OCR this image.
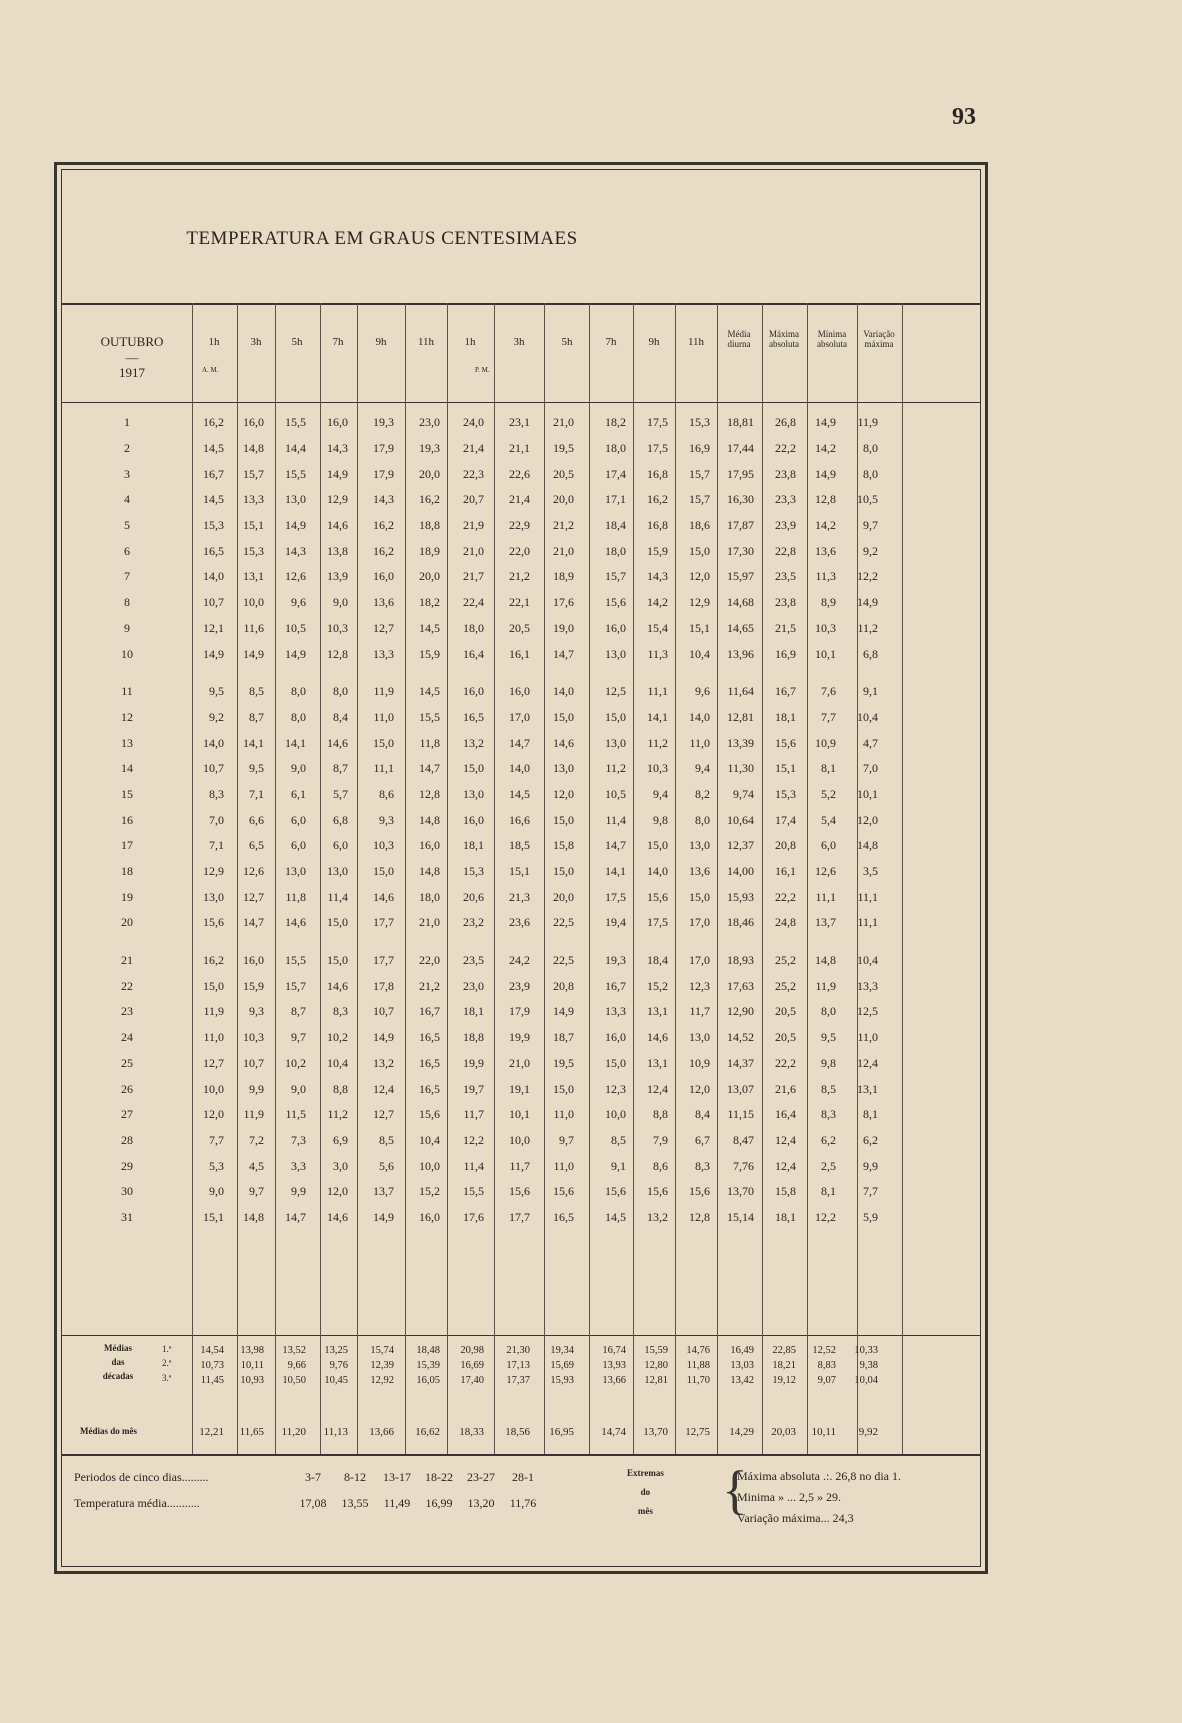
93
TEMPERATURA EM GRAUS CENTESIMAES
OUTUBRO
—
1917
1h	3h	5h	7h	9h	11h	1h	3h	5h	7h	9h	11h
Média diurna
Máxima absoluta
Mínima absoluta
Variação máxima
A. M.	P. M.
1	16,2	16,0	15,5	16,0	19,3	23,0	24,0	23,1	21,0	18,2	17,5	15,3	18,81	26,8	14,9	11,9
2	14,5	14,8	14,4	14,3	17,9	19,3	21,4	21,1	19,5	18,0	17,5	16,9	17,44	22,2	14,2	8,0
3	16,7	15,7	15,5	14,9	17,9	20,0	22,3	22,6	20,5	17,4	16,8	15,7	17,95	23,8	14,9	8,0
4	14,5	13,3	13,0	12,9	14,3	16,2	20,7	21,4	20,0	17,1	16,2	15,7	16,30	23,3	12,8	10,5
5	15,3	15,1	14,9	14,6	16,2	18,8	21,9	22,9	21,2	18,4	16,8	18,6	17,87	23,9	14,2	9,7
6	16,5	15,3	14,3	13,8	16,2	18,9	21,0	22,0	21,0	18,0	15,9	15,0	17,30	22,8	13,6	9,2
7	14,0	13,1	12,6	13,9	16,0	20,0	21,7	21,2	18,9	15,7	14,3	12,0	15,97	23,5	11,3	12,2
8	10,7	10,0	9,6	9,0	13,6	18,2	22,4	22,1	17,6	15,6	14,2	12,9	14,68	23,8	8,9	14,9
9	12,1	11,6	10,5	10,3	12,7	14,5	18,0	20,5	19,0	16,0	15,4	15,1	14,65	21,5	10,3	11,2
10	14,9	14,9	14,9	12,8	13,3	15,9	16,4	16,1	14,7	13,0	11,3	10,4	13,96	16,9	10,1	6,8

11	9,5	8,5	8,0	8,0	11,9	14,5	16,0	16,0	14,0	12,5	11,1	9,6	11,64	16,7	7,6	9,1
12	9,2	8,7	8,0	8,4	11,0	15,5	16,5	17,0	15,0	15,0	14,1	14,0	12,81	18,1	7,7	10,4
13	14,0	14,1	14,1	14,6	15,0	11,8	13,2	14,7	14,6	13,0	11,2	11,0	13,39	15,6	10,9	4,7
14	10,7	9,5	9,0	8,7	11,1	14,7	15,0	14,0	13,0	11,2	10,3	9,4	11,30	15,1	8,1	7,0
15	8,3	7,1	6,1	5,7	8,6	12,8	13,0	14,5	12,0	10,5	9,4	8,2	9,74	15,3	5,2	10,1
16	7,0	6,6	6,0	6,8	9,3	14,8	16,0	16,6	15,0	11,4	9,8	8,0	10,64	17,4	5,4	12,0
17	7,1	6,5	6,0	6,0	10,3	16,0	18,1	18,5	15,8	14,7	15,0	13,0	12,37	20,8	6,0	14,8
18	12,9	12,6	13,0	13,0	15,0	14,8	15,3	15,1	15,0	14,1	14,0	13,6	14,00	16,1	12,6	3,5
19	13,0	12,7	11,8	11,4	14,6	18,0	20,6	21,3	20,0	17,5	15,6	15,0	15,93	22,2	11,1	11,1
20	15,6	14,7	14,6	15,0	17,7	21,0	23,2	23,6	22,5	19,4	17,5	17,0	18,46	24,8	13,7	11,1

21	16,2	16,0	15,5	15,0	17,7	22,0	23,5	24,2	22,5	19,3	18,4	17,0	18,93	25,2	14,8	10,4
22	15,0	15,9	15,7	14,6	17,8	21,2	23,0	23,9	20,8	16,7	15,2	12,3	17,63	25,2	11,9	13,3
23	11,9	9,3	8,7	8,3	10,7	16,7	18,1	17,9	14,9	13,3	13,1	11,7	12,90	20,5	8,0	12,5
24	11,0	10,3	9,7	10,2	14,9	16,5	18,8	19,9	18,7	16,0	14,6	13,0	14,52	20,5	9,5	11,0
25	12,7	10,7	10,2	10,4	13,2	16,5	19,9	21,0	19,5	15,0	13,1	10,9	14,37	22,2	9,8	12,4
26	10,0	9,9	9,0	8,8	12,4	16,5	19,7	19,1	15,0	12,3	12,4	12,0	13,07	21,6	8,5	13,1
27	12,0	11,9	11,5	11,2	12,7	15,6	11,7	10,1	11,0	10,0	8,8	8,4	11,15	16,4	8,3	8,1
28	7,7	7,2	7,3	6,9	8,5	10,4	12,2	10,0	9,7	8,5	7,9	6,7	8,47	12,4	6,2	6,2
29	5,3	4,5	3,3	3,0	5,6	10,0	11,4	11,7	11,0	9,1	8,6	8,3	7,76	12,4	2,5	9,9
30	9,0	9,7	9,9	12,0	13,7	15,2	15,5	15,6	15,6	15,6	15,6	15,6	13,70	15,8	8,1	7,7
31	15,1	14,8	14,7	14,6	14,9	16,0	17,6	17,7	16,5	14,5	13,2	12,8	15,14	18,1	12,2	5,9
Médias
das
décadas
1.ª
2.ª
3.ª
	14,54	13,98	13,52	13,25	15,74	18,48	20,98	21,30	19,34	16,74	15,59	14,76	16,49	22,85	12,52	10,33
	10,73	10,11	9,66	9,76	12,39	15,39	16,69	17,13	15,69	13,93	12,80	11,88	13,03	18,21	8,83	9,38
	11,45	10,93	10,50	10,45	12,92	16,05	17,40	17,37	15,93	13,66	12,81	11,70	13,42	19,12	9,07	10,04
Médias do mês
		12,21	11,65	11,20	11,13	13,66	16,62	18,33	18,56	16,95	14,74	13,70	12,75	14,29	20,03	10,11	9,92
Periodos de cinco dias.........	3-7 8-12 13-17 18-22 23-27 28-1
Temperatura média...........	17,08 13,55 11,49 16,99 13,20 11,76
Extremas
do
mês {
Máxima absoluta .:. 26,8 no dia 1.
Minima » ... 2,5 » 29.
Variação máxima... 24,3
